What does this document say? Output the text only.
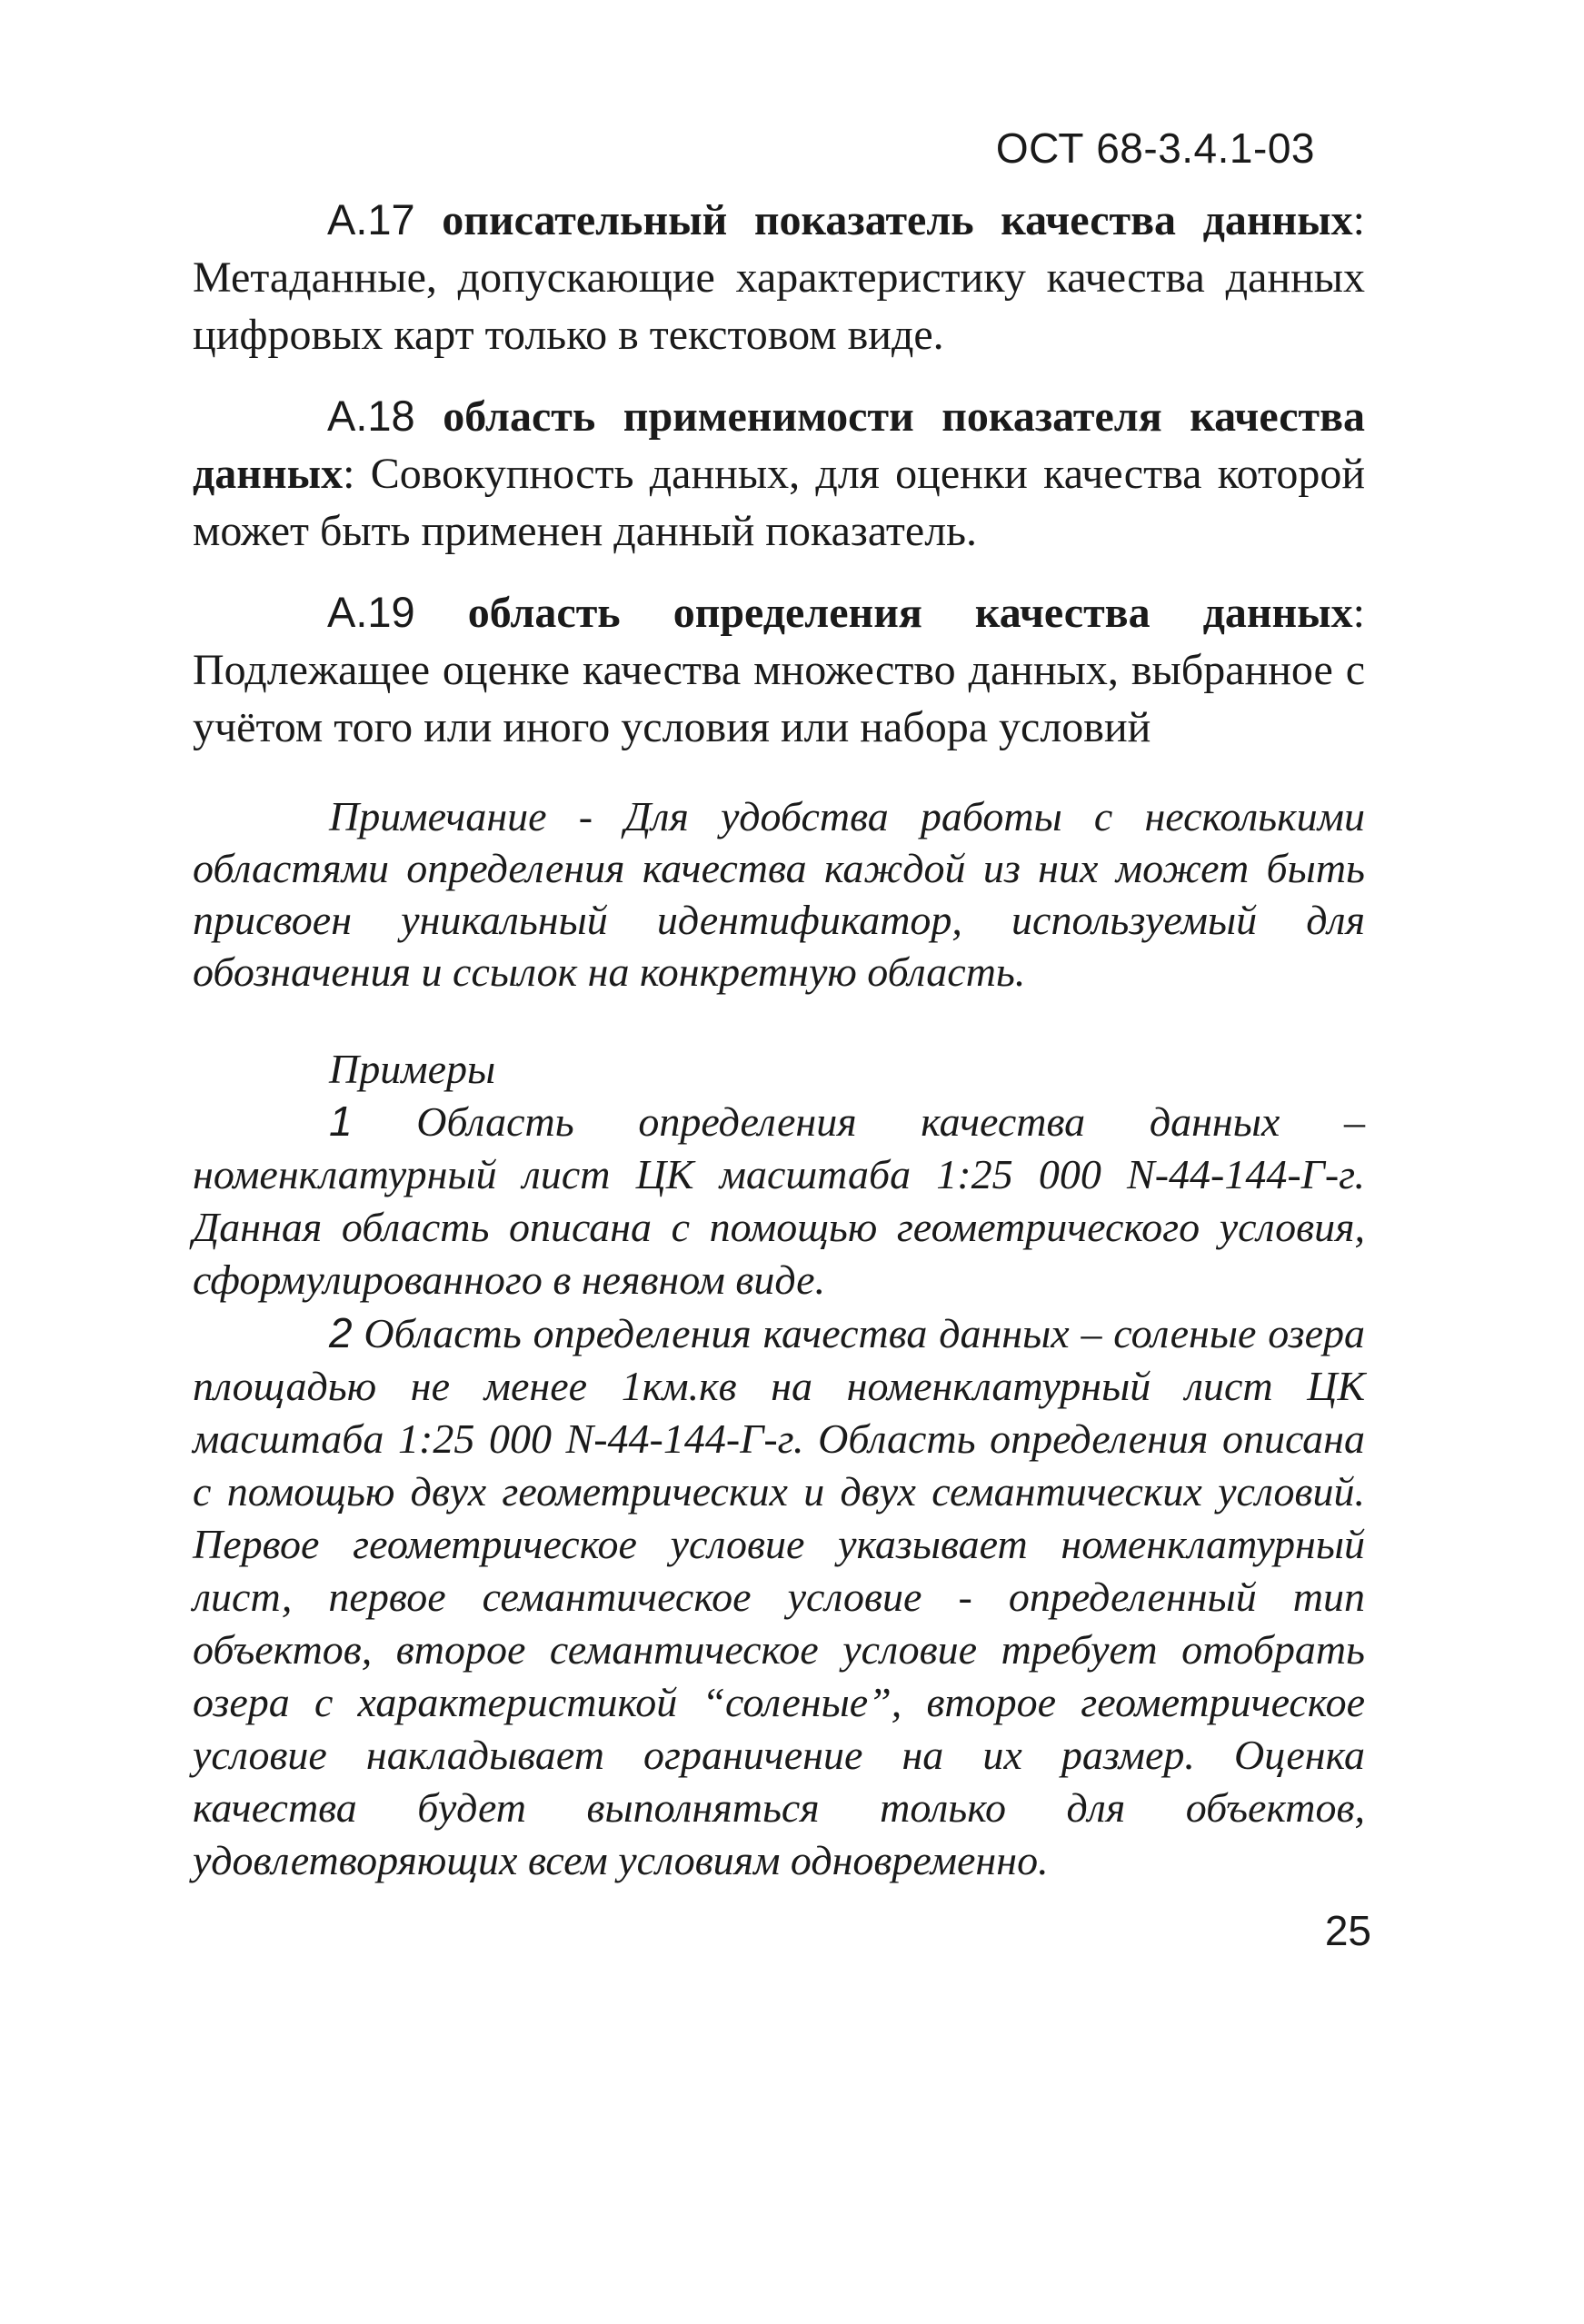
ОСТ 68-3.4.1-03

А.17 описательный показатель качества данных: Метаданные, допускающие характеристику качества данных цифровых карт только в текстовом виде.

А.18 область применимости показателя качества данных: Совокупность данных, для оценки качества которой может быть применен данный показатель.

А.19 область определения качества данных: Подлежащее оценке качества множество данных, выбранное с учётом того или иного условия или набора условий

Примечание - Для удобства работы с несколькими областями определения качества каждой из них может быть присвоен уникальный идентификатор, используемый для обозначения и ссылок на конкретную область.

Примеры

1 Область определения качества данных – номенклатурный лист ЦК масштаба 1:25 000 N-44-144-Г-г. Данная область описана с помощью геометрического условия, сформулированного в неявном виде.

2 Область определения качества данных – соленые озера площадью не менее 1км.кв на номенклатурный лист ЦК масштаба 1:25 000 N-44-144-Г-г. Область определения описана с помощью двух геометрических и двух семантических условий. Первое геометрическое условие указывает номенклатурный лист, первое семантическое условие - определенный тип объектов, второе семантическое условие требует отобрать озера с характеристикой “соленые”, второе геометрическое условие накладывает ограничение на их размер. Оценка качества будет выполняться только для объектов, удовлетворяющих всем условиям одновременно.

25
